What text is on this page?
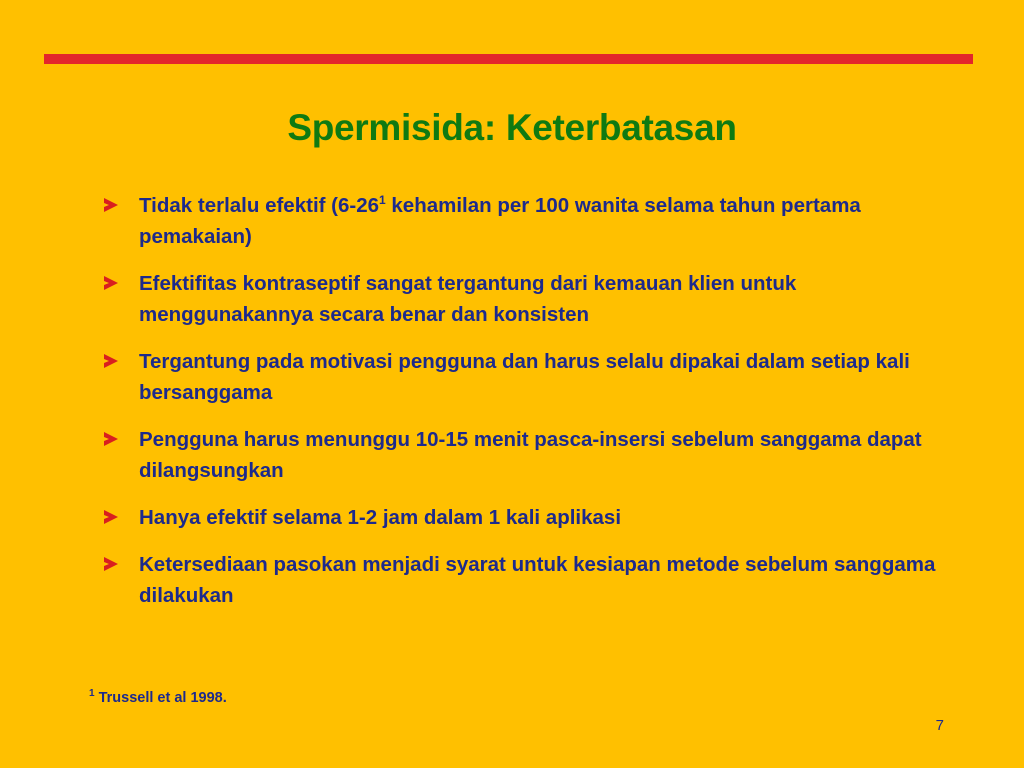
Spermisida: Keterbatasan
Tidak terlalu efektif ($6-26^1$ kehamilan per 100 wanita selama tahun pertama pemakaian)
Efektifitas kontraseptif sangat tergantung dari kemauan klien untuk menggunakannya secara benar dan konsisten
Tergantung pada motivasi pengguna dan harus selalu dipakai dalam setiap kali bersanggama
Pengguna harus menunggu 10-15 menit pasca-insersi sebelum sanggama dapat dilangsungkan
Hanya efektif selama 1-2 jam dalam 1 kali aplikasi
Ketersediaan pasokan menjadi syarat untuk kesiapan metode sebelum sanggama dilakukan
$^1$ Trussell et al 1998.
7
